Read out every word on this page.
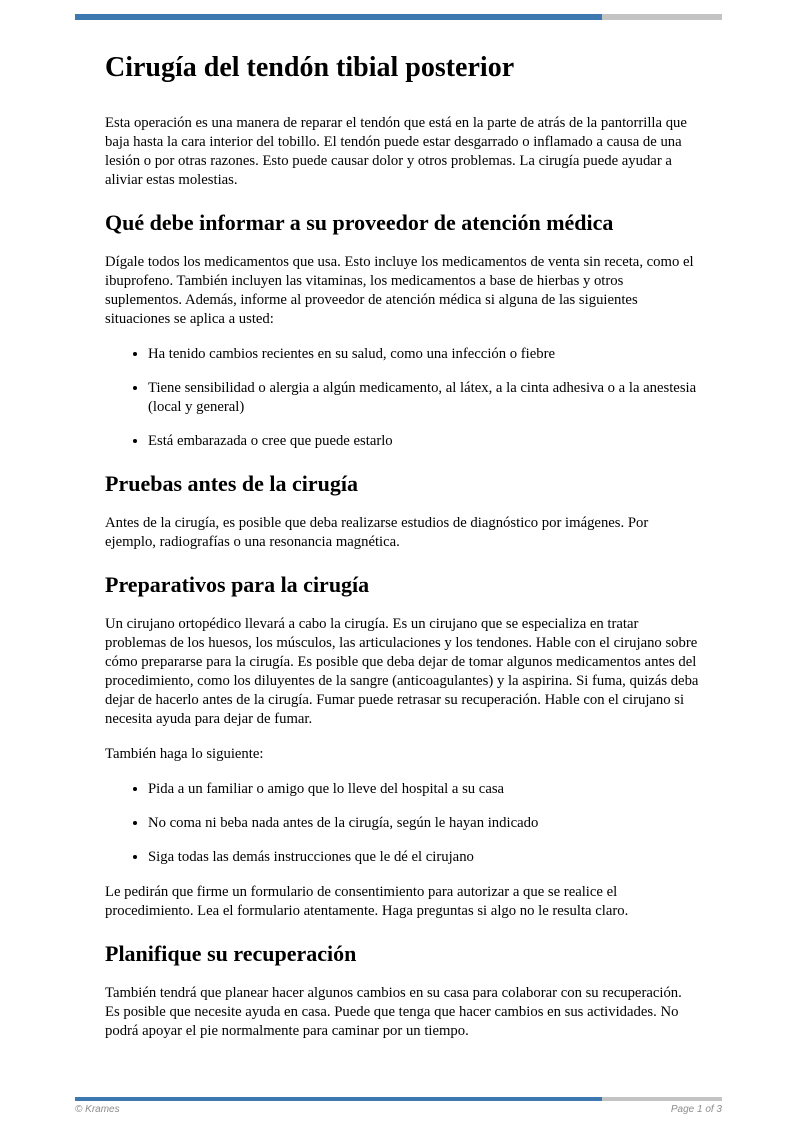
Cirugía del tendón tibial posterior

Esta operación es una manera de reparar el tendón que está en la parte de atrás de la pantorrilla que baja hasta la cara interior del tobillo. El tendón puede estar desgarrado o inflamado a causa de una lesión o por otras razones. Esto puede causar dolor y otros problemas. La cirugía puede ayudar a aliviar estas molestias.

Qué debe informar a su proveedor de atención médica

Dígale todos los medicamentos que usa. Esto incluye los medicamentos de venta sin receta, como el ibuprofeno. También incluyen las vitaminas, los medicamentos a base de hierbas y otros suplementos. Además, informe al proveedor de atención médica si alguna de las siguientes situaciones se aplica a usted:

• Ha tenido cambios recientes en su salud, como una infección o fiebre
• Tiene sensibilidad o alergia a algún medicamento, al látex, a la cinta adhesiva o a la anestesia (local y general)
• Está embarazada o cree que puede estarlo
Pruebas antes de la cirugía

Antes de la cirugía, es posible que deba realizarse estudios de diagnóstico por imágenes. Por ejemplo, radiografías o una resonancia magnética.

Preparativos para la cirugía

Un cirujano ortopédico llevará a cabo la cirugía. Es un cirujano que se especializa en tratar problemas de los huesos, los músculos, las articulaciones y los tendones. Hable con el cirujano sobre cómo prepararse para la cirugía. Es posible que deba dejar de tomar algunos medicamentos antes del procedimiento, como los diluyentes de la sangre (anticoagulantes) y la aspirina. Si fuma, quizás deba dejar de hacerlo antes de la cirugía. Fumar puede retrasar su recuperación. Hable con el cirujano si necesita ayuda para dejar de fumar.

También haga lo siguiente:

• Pida a un familiar o amigo que lo lleve del hospital a su casa
• No coma ni beba nada antes de la cirugía, según le hayan indicado
• Siga todas las demás instrucciones que le dé el cirujano

Le pedirán que firme un formulario de consentimiento para autorizar a que se realice el procedimiento. Lea el formulario atentamente. Haga preguntas si algo no le resulta claro.

Planifique su recuperación

También tendrá que planear hacer algunos cambios en su casa para colaborar con su recuperación. Es posible que necesite ayuda en casa. Puede que tenga que hacer cambios en sus actividades. No podrá apoyar el pie normalmente para caminar por un tiempo.

© Krames	Page 1 of 3
